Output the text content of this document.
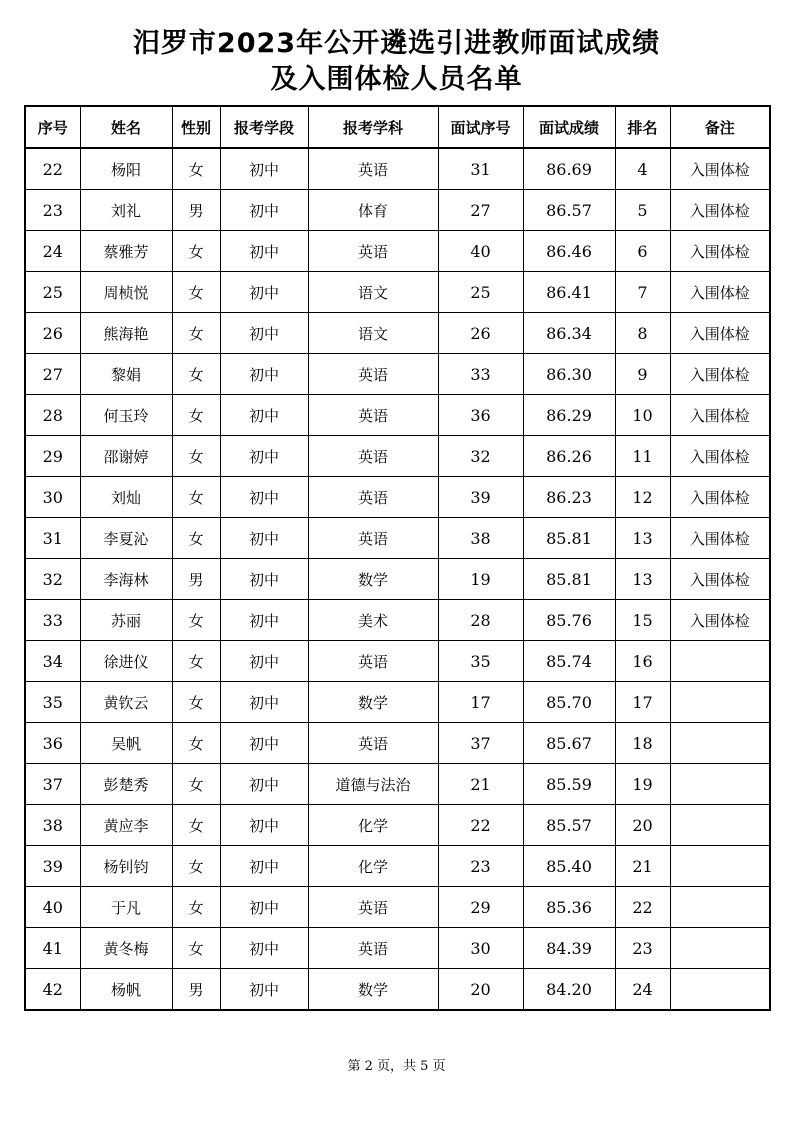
汨罗市2023年公开遴选引进教师面试成绩
及入围体检人员名单
序号	姓名	性别	报考学段	报考学科	面试序号	面试成绩	排名	备注
22	杨阳	女	初中	英语	31	86.69	4	入围体检
23	刘礼	男	初中	体育	27	86.57	5	入围体检
24	蔡雅芳	女	初中	英语	40	86.46	6	入围体检
25	周桢悦	女	初中	语文	25	86.41	7	入围体检
26	熊海艳	女	初中	语文	26	86.34	8	入围体检
27	黎娟	女	初中	英语	33	86.30	9	入围体检
28	何玉玲	女	初中	英语	36	86.29	10	入围体检
29	邵谢婷	女	初中	英语	32	86.26	11	入围体检
30	刘灿	女	初中	英语	39	86.23	12	入围体检
31	李夏沁	女	初中	英语	38	85.81	13	入围体检
32	李海林	男	初中	数学	19	85.81	13	入围体检
33	苏丽	女	初中	美术	28	85.76	15	入围体检
34	徐进仪	女	初中	英语	35	85.74	16	
35	黄钦云	女	初中	数学	17	85.70	17	
36	吴帆	女	初中	英语	37	85.67	18	
37	彭楚秀	女	初中	道德与法治	21	85.59	19	
38	黄应李	女	初中	化学	22	85.57	20	
39	杨钊钧	女	初中	化学	23	85.40	21	
40	于凡	女	初中	英语	29	85.36	22	
41	黄冬梅	女	初中	英语	30	84.39	23	
42	杨帆	男	初中	数学	20	84.20	24	
第 2 页，共 5 页
